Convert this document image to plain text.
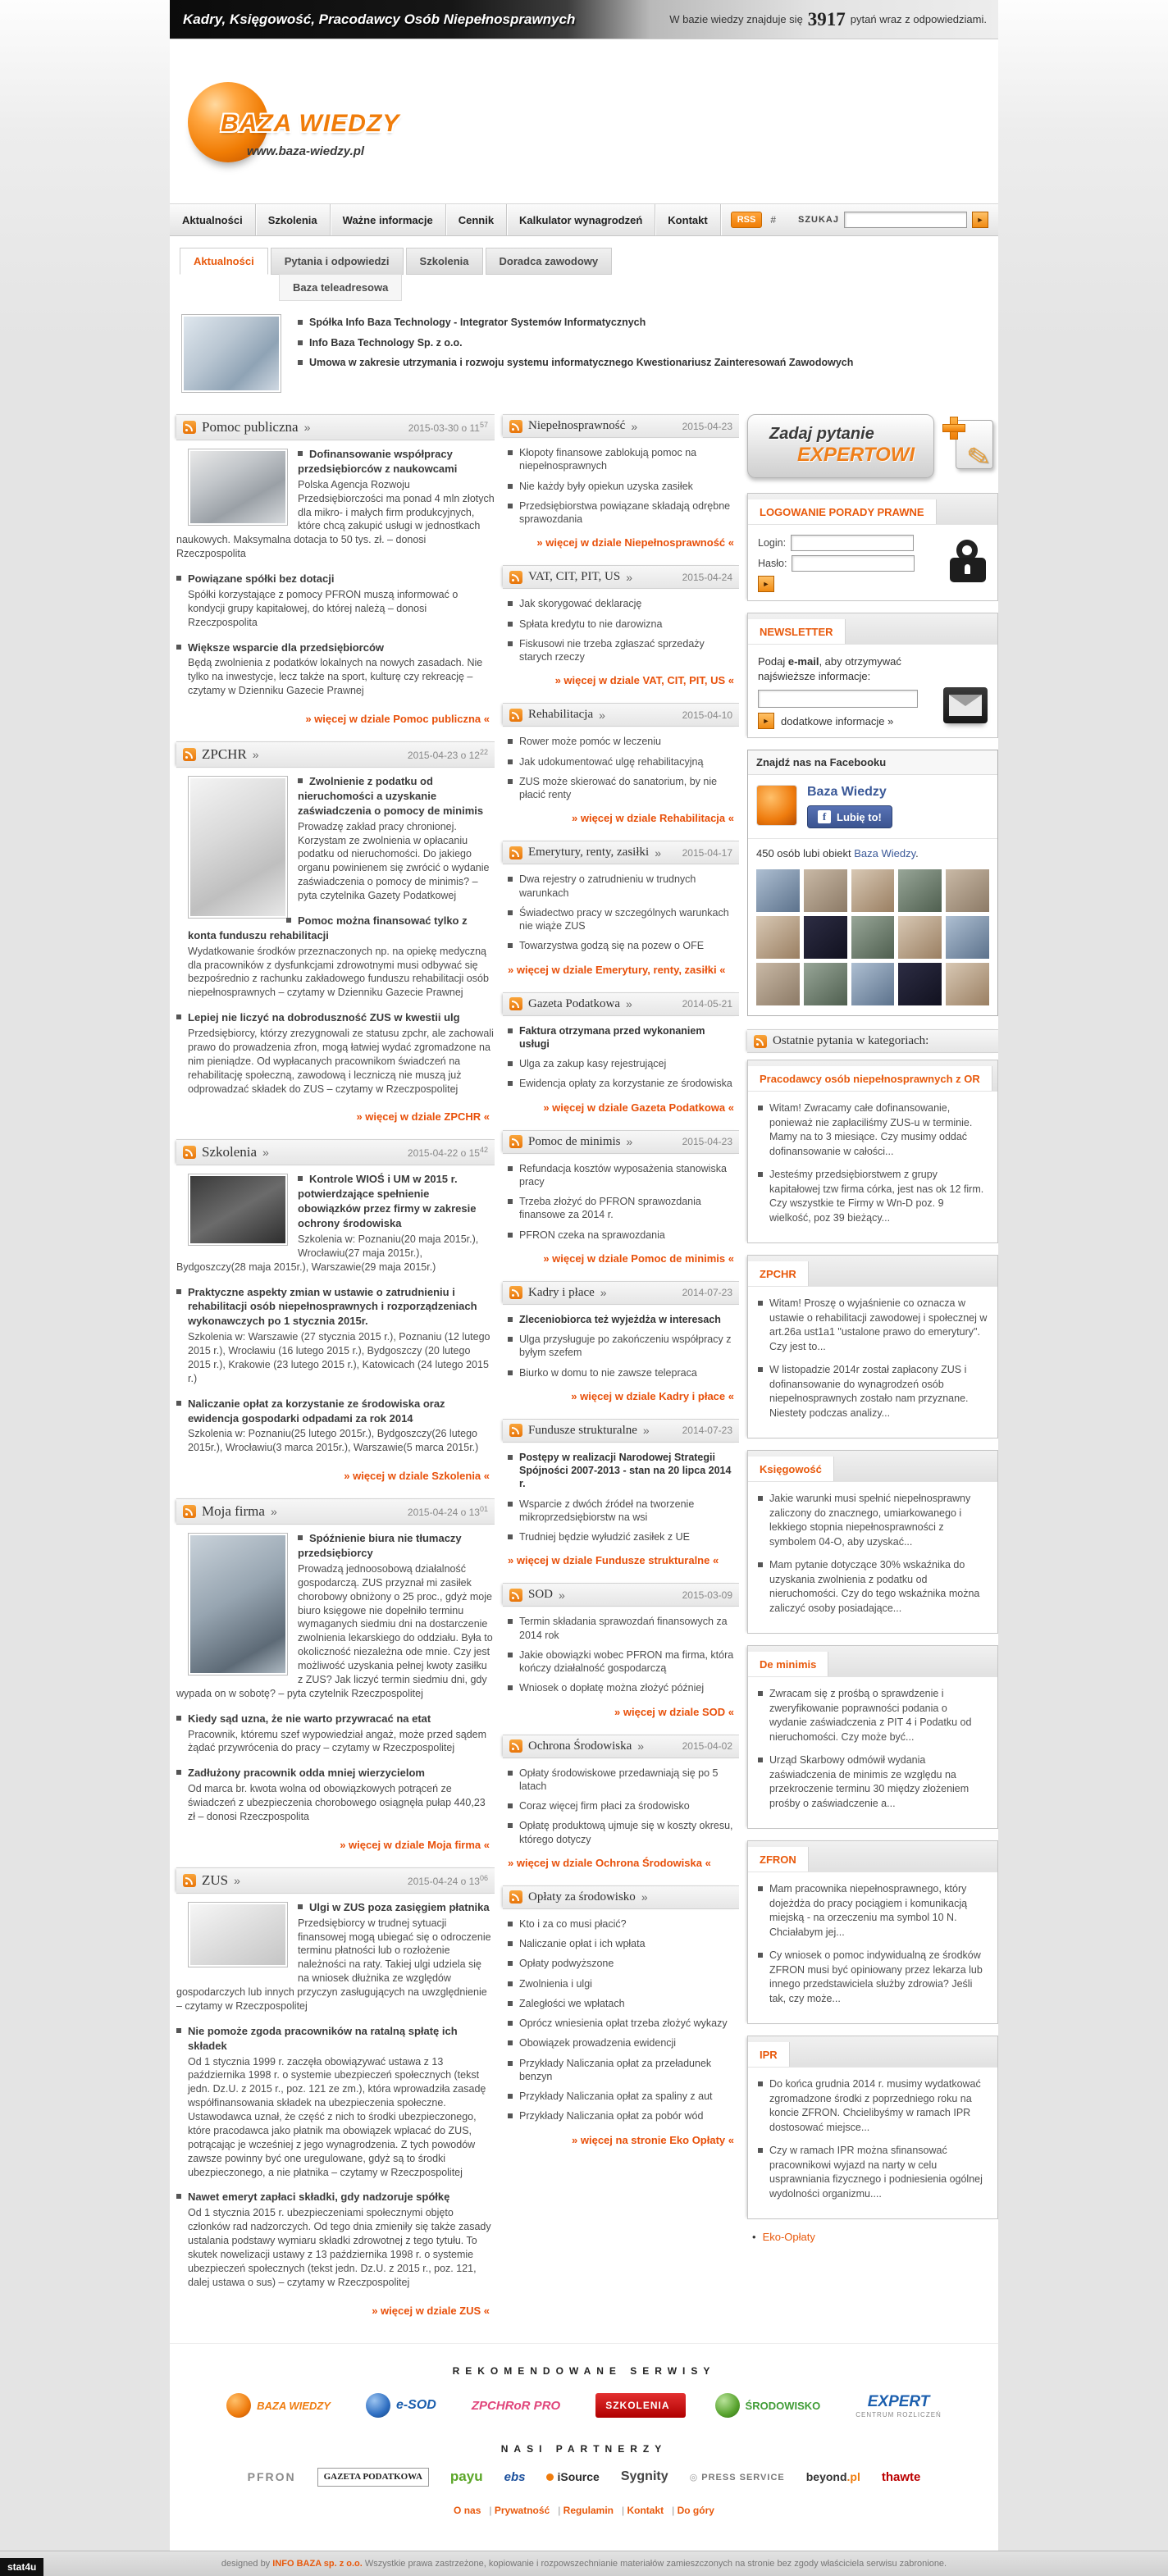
Kadry, Księgowość, Pracodawcy Osób Niepełnosprawnych	W bazie wiedzy znajduje się 3917 pytań wraz z odpowiedziami.
BAZA WIEDZY
www.baza-wiedzy.pl
Aktualności	Szkolenia	Ważne informacje	Cennik	Kalkulator wynagrodzeń	Kontakt	RSS	# SZUKAJ	►
Aktualności	Pytania i odpowiedzi	Szkolenia	Doradca zawodowy
Baza teleadresowa
Spółka Info Baza Technology - Integrator Systemów Informatycznych
Info Baza Technology Sp. z o.o.
Umowa w zakresie utrzymania i rozwoju systemu informatycznego Kwestionariusz Zainteresowań Zawodowych
Pomoc publiczna »	2015-03-30 o $11^{57}$
Dofinansowanie współpracy przedsiębiorców z naukowcami
Polska Agencja Rozwoju Przedsiębiorczości ma ponad 4 mln złotych dla mikro- i małych firm produkcyjnych, które chcą zakupić usługi w jednostkach naukowych. Maksymalna dotacja to 50 tys. zł. – donosi Rzeczpospolita
Powiązane spółki bez dotacji
Spółki korzystające z pomocy PFRON muszą informować o kondycji grupy kapitałowej, do której należą – donosi Rzeczpospolita
Większe wsparcie dla przedsiębiorców
Będą zwolnienia z podatków lokalnych na nowych zasadach. Nie tylko na inwestycje, lecz także na sport, kulturę czy rekreację – czytamy w Dzienniku Gazecie Prawnej
» więcej w dziale Pomoc publiczna «
ZPCHR »	2015-04-23 o $12^{22}$
Zwolnienie z podatku od nieruchomości a uzyskanie zaświadczenia o pomocy de minimis
Prowadzę zakład pracy chronionej. Korzystam ze zwolnienia w opłacaniu podatku od nieruchomości. Do jakiego organu powinienem się zwrócić o wydanie zaświadczenia o pomocy de minimis? – pyta czytelnika Gazety Podatkowej
Pomoc można finansować tylko z konta funduszu rehabilitacji
Wydatkowanie środków przeznaczonych np. na opiekę medyczną dla pracowników z dysfunkcjami zdrowotnymi musi odbywać się bezpośrednio z rachunku zakładowego funduszu rehabilitacji osób niepełnosprawnych – czytamy w Dzienniku Gazecie Prawnej
Lepiej nie liczyć na dobroduszność ZUS w kwestii ulg
Przedsiębiorcy, którzy zrezygnowali ze statusu zpchr, ale zachowali prawo do prowadzenia zfron, mogą łatwiej wydać zgromadzone na nim pieniądze. Od wypłacanych pracownikom świadczeń na rehabilitację społeczną, zawodową i leczniczą nie muszą już odprowadzać składek do ZUS – czytamy w Rzeczpospolitej
» więcej w dziale ZPCHR «
Szkolenia »	2015-04-22 o $15^{42}$
Kontrole WIOŚ i UM w 2015 r. potwierdzające spełnienie obowiązków przez firmy w zakresie ochrony środowiska
Szkolenia w: Poznaniu(20 maja 2015r.), Wrocławiu(27 maja 2015r.), Bydgoszczy(28 maja 2015r.), Warszawie(29 maja 2015r.)
Praktyczne aspekty zmian w ustawie o zatrudnieniu i rehabilitacji osób niepełnosprawnych i rozporządzeniach wykonawczych po 1 stycznia 2015r.
Szkolenia w: Warszawie (27 stycznia 2015 r.), Poznaniu (12 lutego 2015 r.), Wrocławiu (16 lutego 2015 r.), Bydgoszczy (20 lutego 2015 r.), Krakowie (23 lutego 2015 r.), Katowicach (24 lutego 2015 r.)
Naliczanie opłat za korzystanie ze środowiska oraz ewidencja gospodarki odpadami za rok 2014
Szkolenia w: Poznaniu(25 lutego 2015r.), Bydgoszczy(26 lutego 2015r.), Wrocławiu(3 marca 2015r.), Warszawie(5 marca 2015r.)
» więcej w dziale Szkolenia «
Moja firma »	2015-04-24 o $13^{01}$
Spóźnienie biura nie tłumaczy przedsiębiorcy
Prowadzą jednoosobową działalność gospodarczą. ZUS przyznał mi zasiłek chorobowy obniżony o 25 proc., gdyż moje biuro księgowe nie dopełniło terminu wymaganych siedmiu dni na dostarczenie zwolnienia lekarskiego do oddziału. Była to okoliczność niezależna ode mnie. Czy jest możliwość uzyskania pełnej kwoty zasiłku z ZUS? Jak liczyć termin siedmiu dni, gdy wypada on w sobotę? – pyta czytelnik Rzeczpospolitej
Kiedy sąd uzna, że nie warto przywracać na etat
Pracownik, któremu szef wypowiedział angaż, może przed sądem żądać przywrócenia do pracy – czytamy w Rzeczpospolitej
Zadłużony pracownik odda mniej wierzycielom
Od marca br. kwota wolna od obowiązkowych potrąceń ze świadczeń z ubezpieczenia chorobowego osiągnęła pułap 440,23 zł – donosi Rzeczpospolita
» więcej w dziale Moja firma «
ZUS »	2015-04-24 o $13^{06}$
Ulgi w ZUS poza zasięgiem płatnika
Przedsiębiorcy w trudnej sytuacji finansowej mogą ubiegać się o odroczenie terminu płatności lub o rozłożenie należności na raty. Takiej ulgi udziela się na wniosek dłużnika ze względów gospodarczych lub innych przyczyn zasługujących na uwzględnienie – czytamy w Rzeczpospolitej
Nie pomoże zgoda pracowników na ratalną spłatę ich składek
Od 1 stycznia 1999 r. zaczęła obowiązywać ustawa z 13 października 1998 r. o systemie ubezpieczeń społecznych (tekst jedn. Dz.U. z 2015 r., poz. 121 ze zm.), która wprowadziła zasadę współfinansowania składek na ubezpieczenia społeczne. Ustawodawca uznał, że część z nich to środki ubezpieczonego, które pracodawca jako płatnik ma obowiązek wpłacać do ZUS, potrącając je wcześniej z jego wynagrodzenia. Z tych powodów zawsze powinny być one uregulowane, gdyż są to środki ubezpieczonego, a nie płatnika – czytamy w Rzeczpospolitej
Nawet emeryt zapłaci składki, gdy nadzoruje spółkę
Od 1 stycznia 2015 r. ubezpieczeniami społecznymi objęto członków rad nadzorczych. Od tego dnia zmieniły się także zasady ustalania podstawy wymiaru składki zdrowotnej z tego tytułu. To skutek nowelizacji ustawy z 13 października 1998 r. o systemie ubezpieczeń społecznych (tekst jedn. Dz.U. z 2015 r., poz. 121, dalej ustawa o sus) – czytamy w Rzeczpospolitej
» więcej w dziale ZUS «
Niepełnosprawność »	2015-04-23
Kłopoty finansowe zablokują pomoc na niepełnosprawnych
Nie każdy były opiekun uzyska zasiłek
Przedsiębiorstwa powiązane składają odrębne sprawozdania
» więcej w dziale Niepełnosprawność «
VAT, CIT, PIT, US »	2015-04-24
Jak skorygować deklarację
Spłata kredytu to nie darowizna
Fiskusowi nie trzeba zgłaszać sprzedaży starych rzeczy
» więcej w dziale VAT, CIT, PIT, US «
Rehabilitacja »	2015-04-10
Rower może pomóc w leczeniu
Jak udokumentować ulgę rehabilitacyjną
ZUS może skierować do sanatorium, by nie płacić renty
» więcej w dziale Rehabilitacja «
Emerytury, renty, zasiłki » 2015-04-17
Dwa rejestry o zatrudnieniu w trudnych warunkach
Świadectwo pracy w szczególnych warunkach nie wiąże ZUS
Towarzystwa godzą się na pozew o OFE
» więcej w dziale Emerytury, renty, zasiłki «
Gazeta Podatkowa »	2014-05-21
Faktura otrzymana przed wykonaniem usługi
Ulga za zakup kasy rejestrującej
Ewidencja opłaty za korzystanie ze środowiska
» więcej w dziale Gazeta Podatkowa «
Pomoc de minimis »	2015-04-23
Refundacja kosztów wyposażenia stanowiska pracy
Trzeba złożyć do PFRON sprawozdania finansowe za 2014 r.
PFRON czeka na sprawozdania
» więcej w dziale Pomoc de minimis «
Kadry i płace »	2014-07-23
Zleceniobiorca też wyjeżdża w interesach
Ulga przysługuje po zakończeniu współpracy z byłym szefem
Biurko w domu to nie zawsze telepraca
» więcej w dziale Kadry i płace «
Fundusze strukturalne »	2014-07-23
Postępy w realizacji Narodowej Strategii Spójności 2007-2013 - stan na 20 lipca 2014 r.
Wsparcie z dwóch źródeł na tworzenie mikroprzedsiębiorstw na wsi
Trudniej będzie wyłudzić zasiłek z UE
» więcej w dziale Fundusze strukturalne «
SOD »	2015-03-09
Termin składania sprawozdań finansowych za 2014 rok
Jakie obowiązki wobec PFRON ma firma, która kończy działalność gospodarczą
Wniosek o dopłatę można złożyć później
» więcej w dziale SOD «
Ochrona Środowiska »	2015-04-02
Opłaty środowiskowe przedawniają się po 5 latach
Coraz więcej firm płaci za środowisko
Opłatę produktową ujmuje się w koszty okresu, którego dotyczy
» więcej w dziale Ochrona Środowiska «
Opłaty za środowisko »
Kto i za co musi płacić?
Naliczanie opłat i ich wpłata
Opłaty podwyższone
Zwolnienia i ulgi
Zaległości we wpłatach
Oprócz wniesienia opłat trzeba złożyć wykazy
Obowiązek prowadzenia ewidencji
Przykłady Naliczania opłat za przeładunek benzyn
Przykłady Naliczania opłat za spaliny z aut
Przykłady Naliczania opłat za pobór wód
» więcej na stronie Eko Opłaty «
Zadaj pytanie
EXPERTOWI	✎
LOGOWANIE PORADY PRAWNE
Login:
Hasło:
►
NEWSLETTER
Podaj e-mail, aby otrzymywać najświeższe informacje:
►	dodatkowe informacje »
Znajdź nas na Facebooku
Baza Wiedzy
f Lubię to!
450 osób lubi obiekt Baza Wiedzy.
Ostatnie pytania w kategoriach:
Pracodawcy osób niepełnosprawnych z OR
Witam! Zwracamy całe dofinansowanie, ponieważ nie zapłaciliśmy ZUS-u w terminie. Mamy na to 3 miesiące. Czy musimy oddać dofinansowanie w całości...
Jesteśmy przedsiębiorstwem z grupy kapitałowej tzw firma córka, jest nas ok 12 firm. Czy wszystkie te Firmy w Wn-D poz. 9 wielkość, poz 39 bieżący...
ZPCHR
Witam! Proszę o wyjaśnienie co oznacza w ustawie o rehabilitacji zawodowej i społecznej w art.26a ust1a1 "ustalone prawo do emerytury". Czy jest to...
W listopadzie 2014r został zapłacony ZUS i dofinansowanie do wynagrodzeń osób niepełnosprawnych zostało nam przyznane. Niestety podczas analizy...
Księgowość
Jakie warunki musi spełnić niepełnosprawny zaliczony do znacznego, umiarkowanego i lekkiego stopnia niepełnosprawności z symbolem 04-O, aby uzyskać...
Mam pytanie dotyczące 30% wskaźnika do uzyskania zwolnienia z podatku od nieruchomości. Czy do tego wskaźnika można zaliczyć osoby posiadające...
De minimis
Zwracam się z prośbą o sprawdzenie i zweryfikowanie poprawności podania o wydanie zaświadczenia z PIT 4 i Podatku od nieruchomości. Czy może być...
Urząd Skarbowy odmówił wydania zaświadczenia de minimis ze względu na przekroczenie terminu 30 między złożeniem prośby o zaświadczenie a...
ZFRON
Mam pracownika niepełnosprawnego, który dojeżdża do pracy pociągiem i komunikacją miejską - na orzeczeniu ma symbol 10 N. Chciałabym jej...
Cy wniosek o pomoc indywidualną ze środków ZFRON musi być opiniowany przez lekarza lub innego przedstawiciela służby zdrowia? Jeśli tak, czy może...
IPR
Do końca grudnia 2014 r. musimy wydatkować zgromadzone środki z poprzedniego roku na koncie ZFRON. Chcielibyśmy w ramach IPR dostosować miejsce...
Czy w ramach IPR można sfinansować pracownikowi wyjazd na narty w celu usprawniania fizycznego i podniesienia ogólnej wydolności organizmu....
• Eko-Opłaty
REKOMENDOWANE SERWISY
BAZA WIEDZY	e-SOD	ZPCHRoR PRO	SZKOLENIA	ŚRODOWISKO	EXPERT
CENTRUM ROZLICZEŃ
NASI PARTNERZY
PFRON	GAZETA PODATKOWA	payu ebs	iSource Sygnity	◎ PRESS SERVICE beyond .pl	thawte
O nas	| Prywatność	| Regulamin	| Kontakt	| Do góry
designed by INFO BAZA sp. z o.o. Wszystkie prawa zastrzeżone, kopiowanie i rozpowszechnianie materiałów zamieszczonych na stronie bez zgody właściciela serwisu zabronione.
stat4u
